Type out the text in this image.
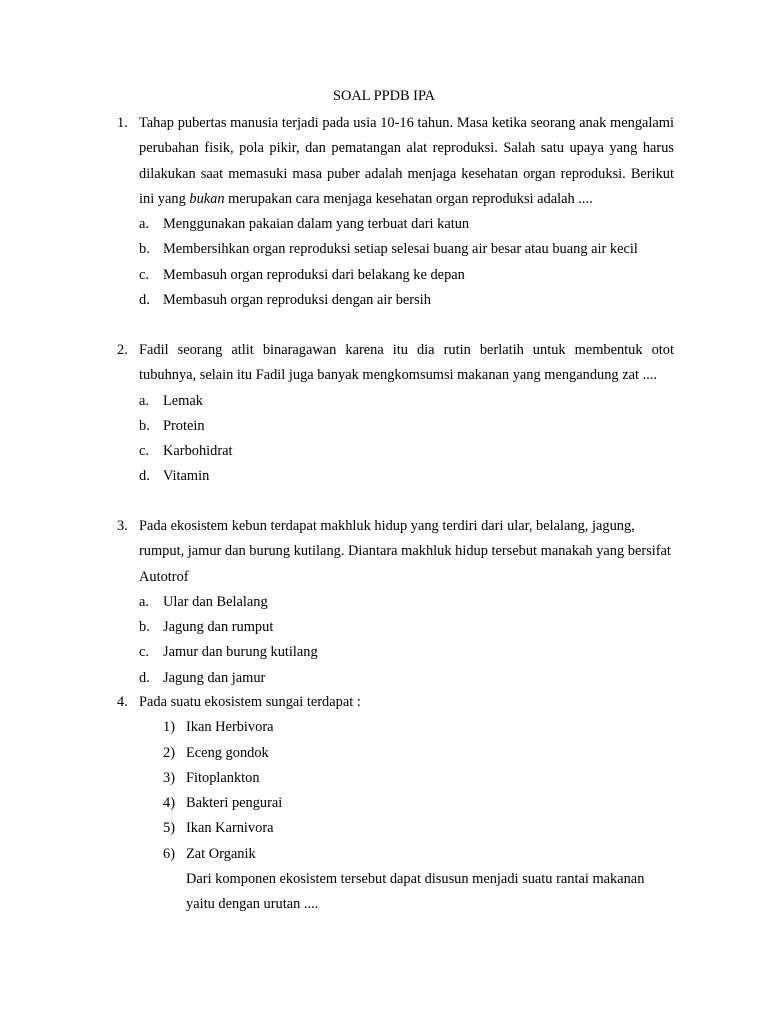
SOAL PPDB IPA
1. Tahap pubertas manusia terjadi pada usia 10-16 tahun. Masa ketika seorang anak mengalami perubahan fisik, pola pikir, dan pematangan alat reproduksi. Salah satu upaya yang harus dilakukan saat memasuki masa puber adalah menjaga kesehatan organ reproduksi. Berikut ini yang bukan merupakan cara menjaga kesehatan organ reproduksi adalah ....
a. Menggunakan pakaian dalam yang terbuat dari katun
b. Membersihkan organ reproduksi setiap selesai buang air besar atau buang air kecil
c. Membasuh organ reproduksi dari belakang ke depan
d. Membasuh organ reproduksi dengan air bersih
2. Fadil seorang atlit binaragawan karena itu dia rutin berlatih untuk membentuk otot tubuhnya, selain itu Fadil juga banyak mengkomsumsi makanan yang mengandung zat ....
a. Lemak
b. Protein
c. Karbohidrat
d. Vitamin
3. Pada ekosistem kebun terdapat makhluk hidup yang terdiri dari ular, belalang, jagung, rumput, jamur dan burung kutilang. Diantara makhluk hidup tersebut manakah yang bersifat Autotrof
a. Ular dan Belalang
b. Jagung dan rumput
c. Jamur dan burung kutilang
d. Jagung dan jamur
4. Pada suatu ekosistem sungai terdapat :
1) Ikan Herbivora
2) Eceng gondok
3) Fitoplankton
4) Bakteri pengurai
5) Ikan Karnivora
6) Zat Organik
Dari komponen ekosistem tersebut dapat disusun menjadi suatu rantai makanan yaitu dengan urutan ....
